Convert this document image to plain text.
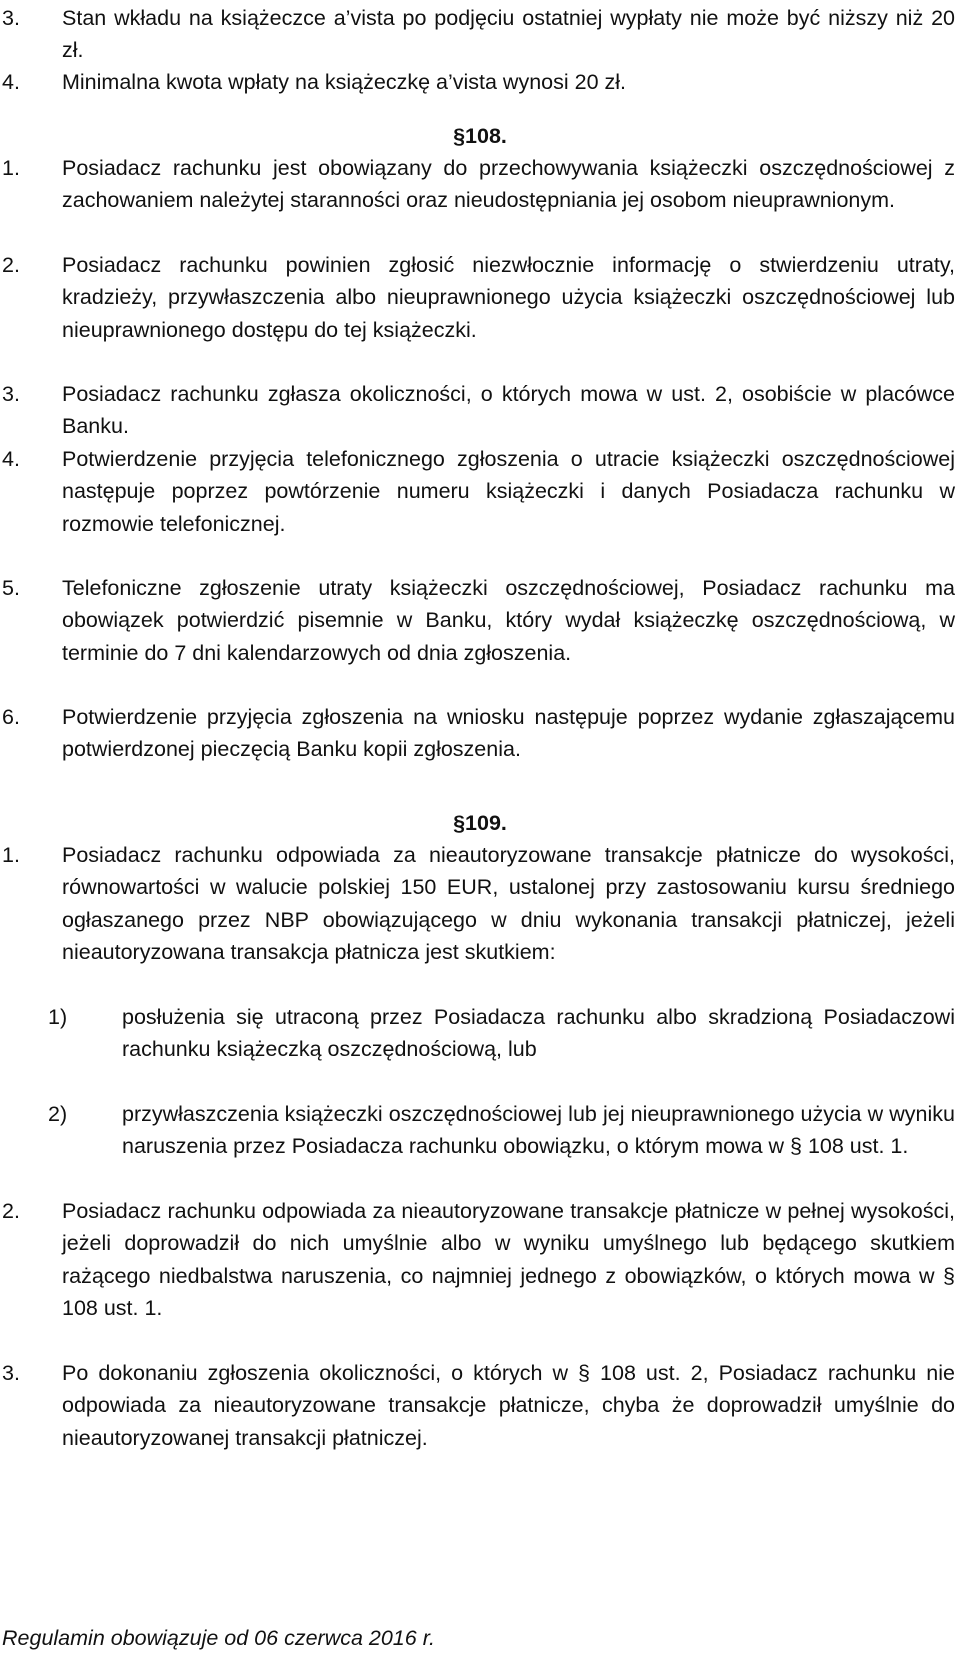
3. Stan wkładu na książeczce a’vista po podjęciu ostatniej wypłaty nie może być niższy niż 20 zł.
4. Minimalna kwota wpłaty na książeczkę a’vista wynosi 20 zł.
§108.
1. Posiadacz rachunku jest obowiązany do przechowywania książeczki oszczędnościowej z zachowaniem należytej staranności oraz nieudostępniania jej osobom nieuprawnionym.
2. Posiadacz rachunku powinien zgłosić niezwłocznie informację o stwierdzeniu utraty, kradzieży, przywłaszczenia albo nieuprawnionego użycia książeczki oszczędnościowej lub nieuprawnionego dostępu do tej książeczki.
3. Posiadacz rachunku zgłasza okoliczności, o których mowa w ust. 2, osobiście w placówce Banku.
4. Potwierdzenie przyjęcia telefonicznego zgłoszenia o utracie książeczki oszczędnościowej następuje poprzez powtórzenie numeru książeczki i danych Posiadacza rachunku w rozmowie telefonicznej.
5. Telefoniczne zgłoszenie utraty książeczki oszczędnościowej, Posiadacz rachunku ma obowiązek potwierdzić pisemnie w Banku, który wydał książeczkę oszczędnościową, w terminie do 7 dni kalendarzowych od dnia zgłoszenia.
6. Potwierdzenie przyjęcia zgłoszenia na wniosku następuje poprzez wydanie zgłaszającemu potwierdzonej pieczęcią Banku kopii zgłoszenia.
§109.
1. Posiadacz rachunku odpowiada za nieautoryzowane transakcje płatnicze do wysokości, równowartości w walucie polskiej 150 EUR, ustalonej przy zastosowaniu kursu średniego ogłaszanego przez NBP obowiązującego w dniu wykonania transakcji płatniczej, jeżeli nieautoryzowana transakcja płatnicza jest skutkiem:
1)	posłużenia się utraconą przez Posiadacza rachunku albo skradzioną Posiadaczowi rachunku książeczką oszczędnościową, lub
2)	przywłaszczenia książeczki oszczędnościowej lub jej nieuprawnionego użycia w wyniku naruszenia przez Posiadacza rachunku obowiązku, o którym mowa w § 108 ust. 1.
2. Posiadacz rachunku odpowiada za nieautoryzowane transakcje płatnicze w pełnej wysokości, jeżeli doprowadził do nich umyślnie albo w wyniku umyślnego lub będącego skutkiem rażącego niedbalstwa naruszenia, co najmniej jednego z obowiązków, o których mowa w § 108 ust. 1.
3. Po dokonaniu zgłoszenia okoliczności, o których w § 108 ust. 2, Posiadacz rachunku nie odpowiada za nieautoryzowane transakcje płatnicze, chyba że doprowadził umyślnie do nieautoryzowanej transakcji płatniczej.
Regulamin obowiązuje od 06 czerwca 2016 r.
